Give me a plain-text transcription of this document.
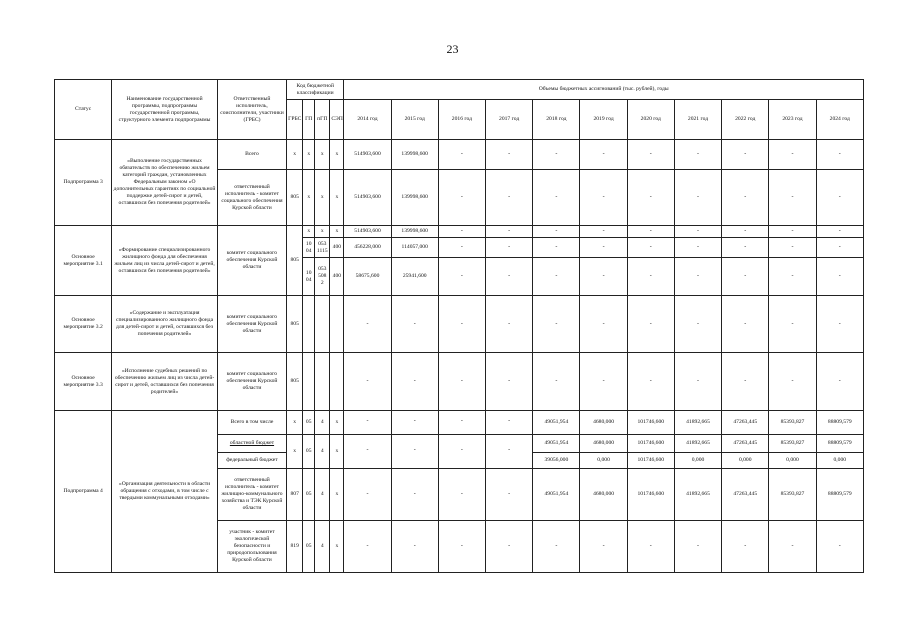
23
Статус	Наименование государственной программы, подпрограммы государственной программы, структурного элемента подпрограммы	Ответственный исполнитель, соисполнители, участники (ГРБС)	Код бюджетной классификации				Объемы бюджетных ассигнований (тыс. рублей), годы										
			ГРБС	ГП	пГП	СЭП	2014 год	2015 год	2016 год	2017 год	2018 год	2019 год	2020 год	2021 год	2022 год	2023 год	2024 год
Подпрограмма 3	«Выполнение государственных обязательств по обеспечению жильем категорий граждан, установленных Федеральным законом «О дополнительных гарантиях по социальной поддержке детей-сирот и детей, оставшихся без попечения родителей»	Всего	x	x	x	x	514903,600	139998,600	-	-	-	-	-	-	-	-	-
		ответственный исполнитель - комитет социального обеспечения Курской области	805	x	x	x	514903,600	139998,600	-	-	-	-	-	-	-	-	-
Основное мероприятие 3.1	«Формирование специализированного жилищного фонда для обеспечения жильем лиц из числа детей-сирот и детей, оставшихся без попечения родителей»	комитет социального обеспечения Курской области	805	x	x	x	514903,600	139998,600	-	-	-	-	-	-	-	-	-
				10 04	053 1115	400	456228,000	114057,000	-	-	-	-	-	-	-	-	-
				10 04	053 508 2	400	58675,600	25941,600	-	-	-	-	-	-	-	-	-
Основное мероприятие 3.2	«Содержание и эксплуатация специализированного жилищного фонда для детей-сирот и детей, оставшихся без попечения родителей»	комитет социального обеспечения Курской области	805				-	-	-	-	-	-	-	-	-	-	-
Основное мероприятие 3.3	«Исполнение судебных решений по обеспечению жильем лиц из числа детей-сирот и детей, оставшихся без попечения родителей»	комитет социального обеспечения Курской области	805				-	-	-	-	-	-	-	-	-	-	-
Подпрограмма 4	«Организация деятельности в области обращения с отходами, в том числе с твердыми коммунальными отходами»	Всего в том числе	x	05	4	x	-	-	-	-	49051,954	4680,000	101746,600	41892,665	47263,445	85393,827	88809,579
		областной бюджет	x	05	4	x	-	-	-	-	49051,954	4680,000	101746,600	41892,665	47263,445	85393,827	88809,579
		федеральный бюджет									39056,000	0,000	101746,600	0,000	0,000	0,000	0,000
		ответственный исполнитель - комитет жилищно-коммунального хозяйства и ТЭК Курской области	807	05	4	x	-	-	-	-	49051,954	4680,000	101746,600	41892,665	47263,445	85393,827	88809,579
		участник - комитет экологической безопасности и природопользования Курской области	819	05	4	x	-	-	-	-	-	-	-	-	-	-	-
